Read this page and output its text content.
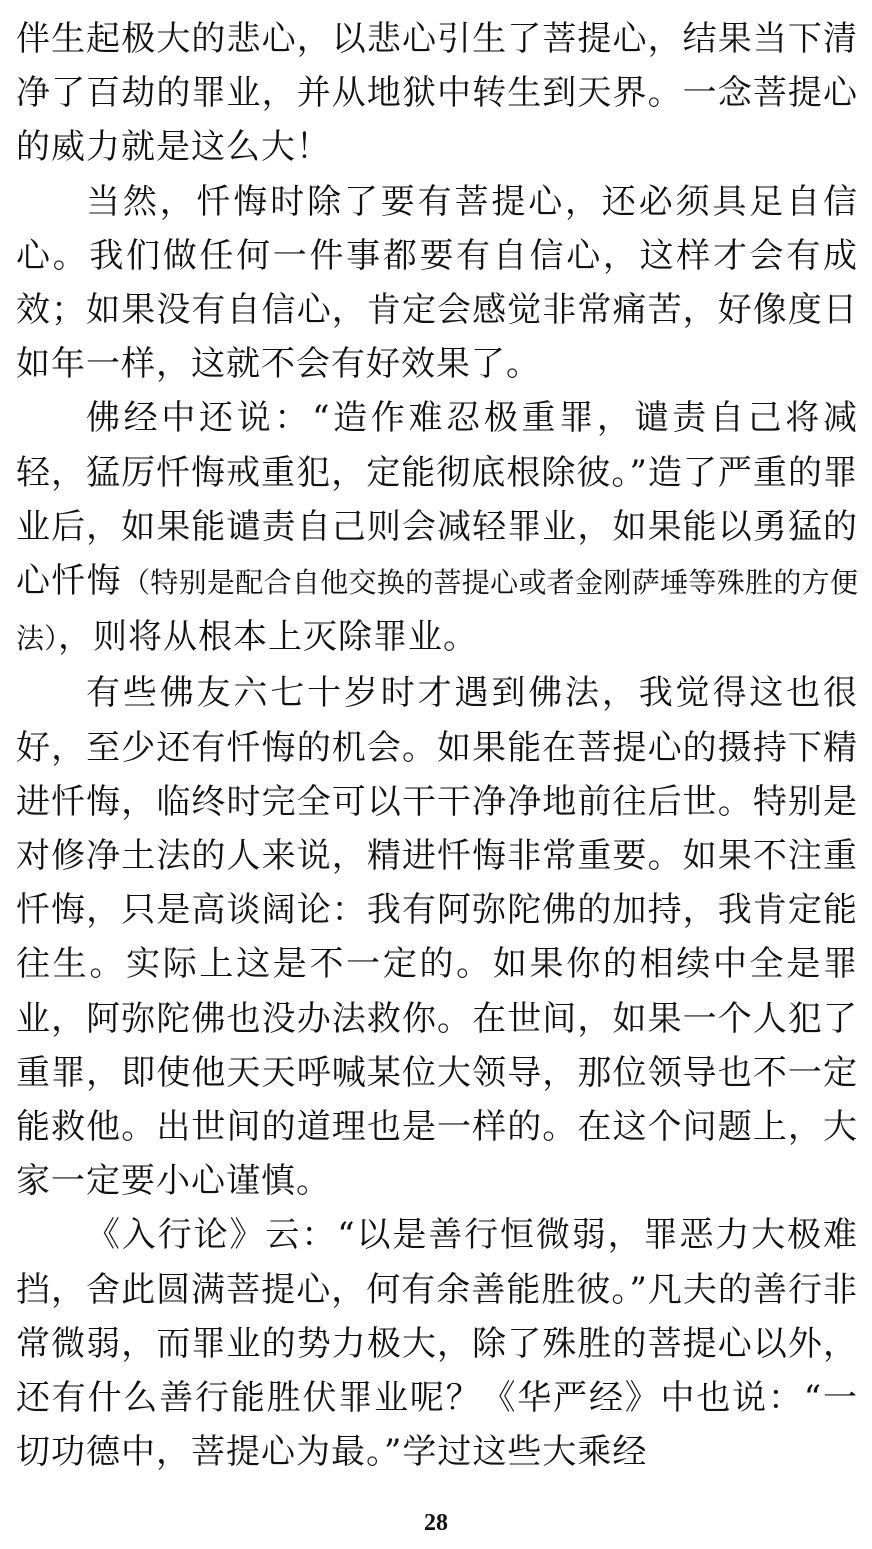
伴生起极大的悲心，以悲心引生了菩提心，结果当下清净了百劫的罪业，并从地狱中转生到天界。一念菩提心的威力就是这么大！

当然，忏悔时除了要有菩提心，还必须具足自信心。我们做任何一件事都要有自信心，这样才会有成效；如果没有自信心，肯定会感觉非常痛苦，好像度日如年一样，这就不会有好效果了。

佛经中还说：“造作难忍极重罪，谴责自己将减轻，猛厉忏悔戒重犯，定能彻底根除彼。”造了严重的罪业后，如果能谴责自己则会减轻罪业，如果能以勇猛的心忏悔（特别是配合自他交换的菩提心或者金刚萨埵等殊胜的方便法），则将从根本上灭除罪业。

有些佛友六七十岁时才遇到佛法，我觉得这也很好，至少还有忏悔的机会。如果能在菩提心的摄持下精进忏悔，临终时完全可以干干净净地前往后世。特别是对修净土法的人来说，精进忏悔非常重要。如果不注重忏悔，只是高谈阔论：我有阿弥陀佛的加持，我肯定能往生。实际上这是不一定的。如果你的相续中全是罪业，阿弥陀佛也没办法救你。在世间，如果一个人犯了重罪，即使他天天呼喊某位大领导，那位领导也不一定能救他。出世间的道理也是一样的。在这个问题上，大家一定要小心谨慎。

《入行论》云：“以是善行恒微弱，罪恶力大极难挡，舍此圆满菩提心，何有余善能胜彼。”凡夫的善行非常微弱，而罪业的势力极大，除了殊胜的菩提心以外，还有什么善行能胜伏罪业呢？《华严经》中也说：“一切功德中，菩提心为最。”学过这些大乘经

28
